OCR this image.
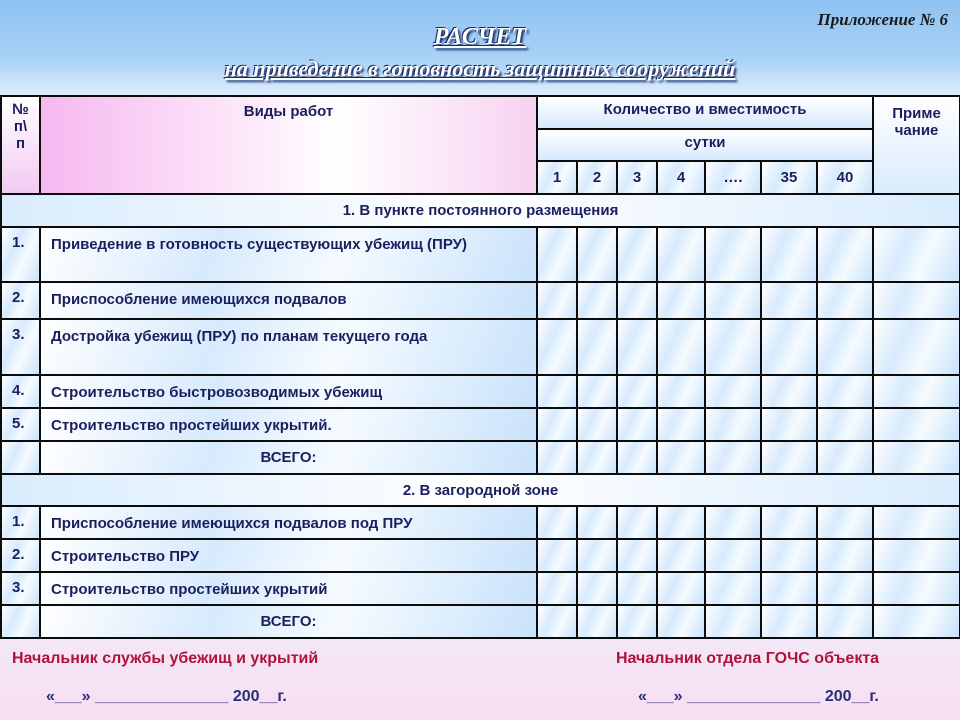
Приложение № 6
РАСЧЕТ
на приведение в готовность защитных сооружений
№ п\ п	Виды работ	Количество и вместимость							Приме чание
		сутки							
		1	2	3	4	….	35	40	
1. В пункте постоянного размещения									
1.	Приведение в готовность существующих убежищ (ПРУ)								
2.	Приспособление имеющихся подвалов								
3.	Достройка убежищ (ПРУ) по планам текущего года								
4.	Строительство быстровозводимых убежищ								
5.	Строительство простейших укрытий.								
	ВСЕГО:								
2. В загородной зоне									
1.	Приспособление имеющихся подвалов под ПРУ								
2.	Строительство ПРУ								
3.	Строительство простейших укрытий								
	ВСЕГО:								
Начальник службы убежищ и укрытий	Начальник отдела ГОЧС объекта
«___» _______________ 200__г.	«___» _______________ 200__г.
